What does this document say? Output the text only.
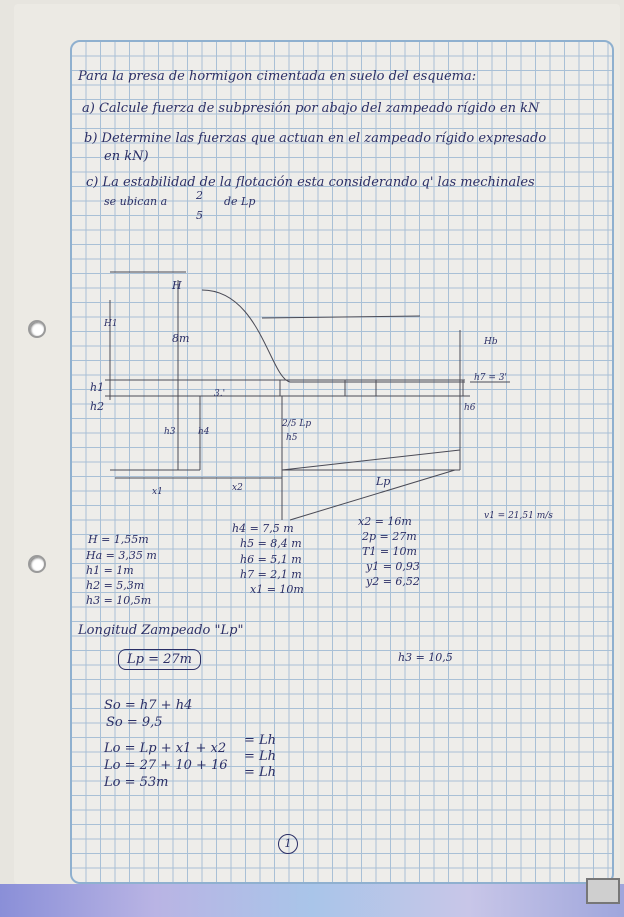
Para la presa de hormigon cimentada en suelo del esquema:
a) Calcule fuerza de subpresión por abajo del zampeado rígido en kN
b) Determine las fuerzas que actuan en el zampeado rígido expresado
en kN)
c) La estabilidad de la flotación esta considerando q' las mechinales
se ubican a	2
5
de Lp
H
H1
8m	Hb
h1
h2
3.'
h3 h4
2/5 Lp
h5
h6
h7 = 3'
Lp
x1	x2
H = 1,55m
Ha = 3,35 m
h1 = 1m
h2 = 5,3m
h3 = 10,5m
h4 = 7,5 m
h5 = 8,4 m
h6 = 5,1 m
h7 = 2,1 m
x1 = 10m
x2 = 16m
2p = 27m
T1 = 10m
y1 = 0,93
y2 = 6,52
v1 = 21,51 m/s
Longitud Zampeado "Lp"
Lp = 27m	h3 = 10,5
So = h7 + h4
So = 9,5
Lo = Lp + x1 + x2
Lo = 27 + 10 + 16
Lo = 53m
= Lh
= Lh
= Lh
1
